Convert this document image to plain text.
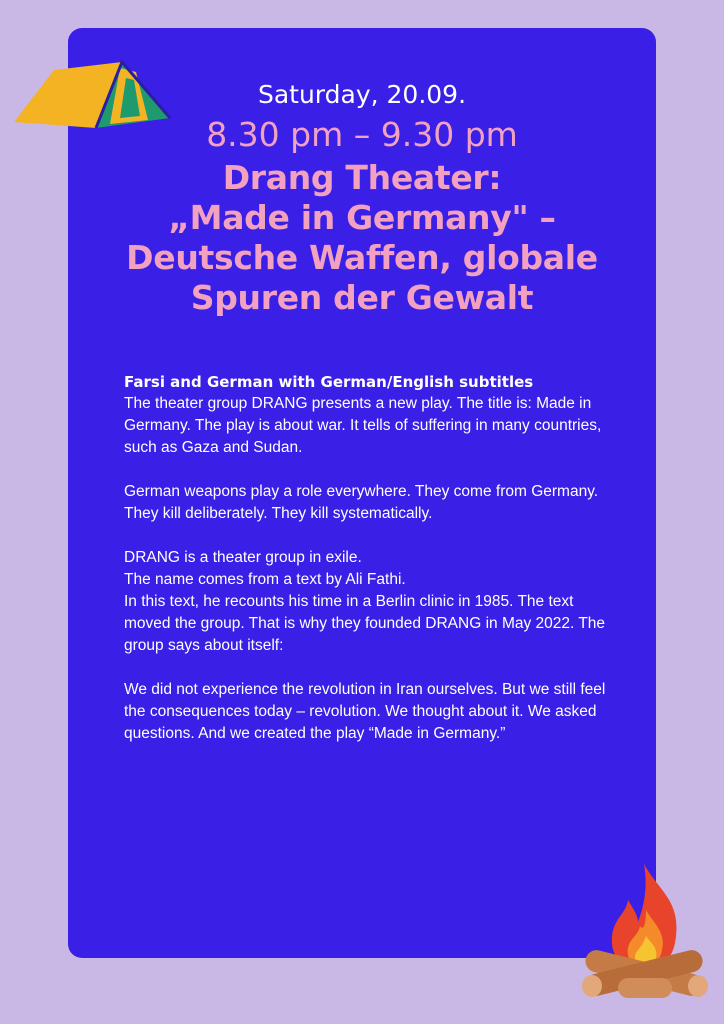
Saturday, 20.09.
8.30 pm – 9.30 pm
Drang Theater:
„Made in Germany" –
Deutsche Waffen, globale
Spuren der Gewalt
Farsi and German with German/English subtitles

The theater group DRANG presents a new play. The title is: Made in Germany. The play is about war. It tells of suffering in many countries, such as Gaza and Sudan.

German weapons play a role everywhere. They come from Germany. They kill deliberately. They kill systematically.

DRANG is a theater group in exile.
The name comes from a text by Ali Fathi.
In this text, he recounts his time in a Berlin clinic in 1985. The text moved the group. That is why they founded DRANG in May 2022. The group says about itself:

We did not experience the revolution in Iran ourselves. But we still feel the consequences today – revolution. We thought about it. We asked questions. And we created the play “Made in Germany.”
